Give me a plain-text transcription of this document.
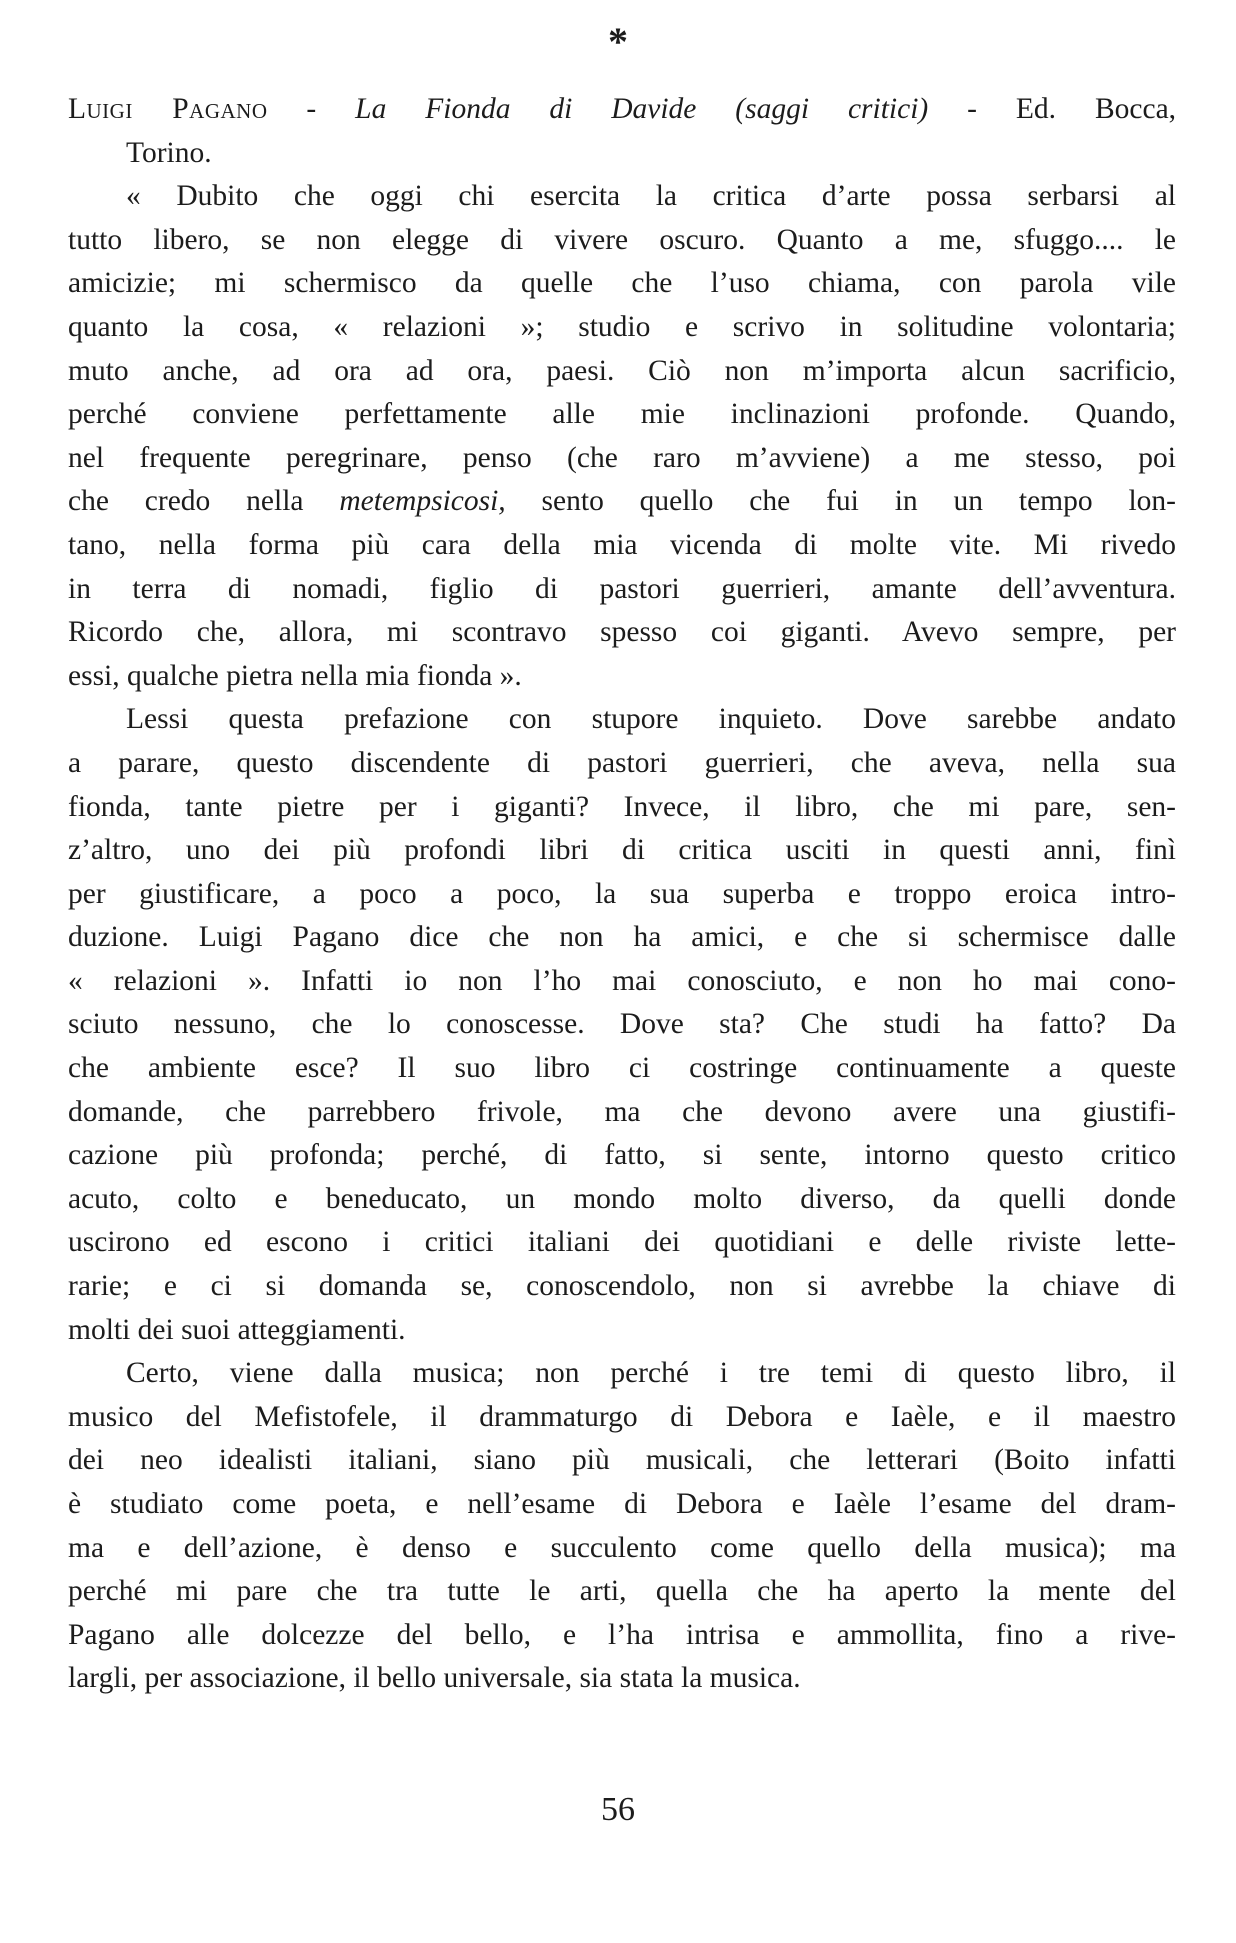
*
Luigi Pagano - La Fionda di Davide (saggi critici) - Ed. Bocca,
Torino.
« Dubito che oggi chi esercita la critica d’arte possa serbarsi al
tutto libero, se non elegge di vivere oscuro. Quanto a me, sfuggo.... le
amicizie; mi schermisco da quelle che l’uso chiama, con parola vile
quanto la cosa, « relazioni »; studio e scrivo in solitudine volontaria;
muto anche, ad ora ad ora, paesi. Ciò non m’importa alcun sacrificio,
perché conviene perfettamente alle mie inclinazioni profonde. Quando,
nel frequente peregrinare, penso (che raro m’avviene) a me stesso, poi
che credo nella metempsicosi, sento quello che fui in un tempo lon-
tano, nella forma più cara della mia vicenda di molte vite. Mi rivedo
in terra di nomadi, figlio di pastori guerrieri, amante dell’avventura.
Ricordo che, allora, mi scontravo spesso coi giganti. Avevo sempre, per
essi, qualche pietra nella mia fionda ».
Lessi questa prefazione con stupore inquieto. Dove sarebbe andato
a parare, questo discendente di pastori guerrieri, che aveva, nella sua
fionda, tante pietre per i giganti? Invece, il libro, che mi pare, sen-
z’altro, uno dei più profondi libri di critica usciti in questi anni, finì
per giustificare, a poco a poco, la sua superba e troppo eroica intro-
duzione. Luigi Pagano dice che non ha amici, e che si schermisce dalle
« relazioni ». Infatti io non l’ho mai conosciuto, e non ho mai cono-
sciuto nessuno, che lo conoscesse. Dove sta? Che studi ha fatto? Da
che ambiente esce? Il suo libro ci costringe continuamente a queste
domande, che parrebbero frivole, ma che devono avere una giustifi-
cazione più profonda; perché, di fatto, si sente, intorno questo critico
acuto, colto e beneducato, un mondo molto diverso, da quelli donde
uscirono ed escono i critici italiani dei quotidiani e delle riviste lette-
rarie; e ci si domanda se, conoscendolo, non si avrebbe la chiave di
molti dei suoi atteggiamenti.
Certo, viene dalla musica; non perché i tre temi di questo libro, il
musico del Mefistofele, il drammaturgo di Debora e Iaèle, e il maestro
dei neo idealisti italiani, siano più musicali, che letterari (Boito infatti
è studiato come poeta, e nell’esame di Debora e Iaèle l’esame del dram-
ma e dell’azione, è denso e succulento come quello della musica); ma
perché mi pare che tra tutte le arti, quella che ha aperto la mente del
Pagano alle dolcezze del bello, e l’ha intrisa e ammollita, fino a rive-
largli, per associazione, il bello universale, sia stata la musica.
56
